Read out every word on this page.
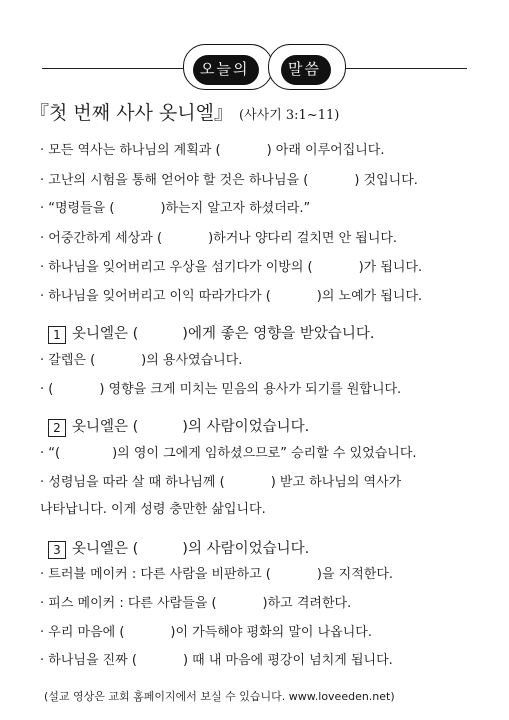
오늘의	말씀
『첫 번째 사사 옷니엘』 (사사기 3:1~11)
· 모든 역사는 하나님의 계획과 (	) 아래 이루어집니다.
· 고난의 시험을 통해 얻어야 할 것은 하나님을 (	) 것입니다.
· “명령들을 (	)하는지 알고자 하셨더라.”
· 어중간하게 세상과 (	)하거나 양다리 걸치면 안 됩니다.
· 하나님을 잊어버리고 우상을 섬기다가 이방의 (	)가 됩니다.
· 하나님을 잊어버리고 이익 따라가다가 (	)의 노예가 됩니다.
1 옷니엘은 (	)에게 좋은 영향을 받았습니다.
· 갈렙은 (	)의 용사였습니다.
· (	) 영향을 크게 미치는 믿음의 용사가 되기를 원합니다.
2 옷니엘은 (	)의 사람이었습니다.
· “(	)의 영이 그에게 임하셨으므로” 승리할 수 있었습니다.
· 성령님을 따라 살 때 하나님께 (	) 받고 하나님의 역사가
나타납니다. 이게 성령 충만한 삶입니다.
3 옷니엘은 (	)의 사람이었습니다.
· 트러블 메이커 : 다른 사람을 비판하고 (	)을 지적한다.
· 피스 메이커 : 다른 사람들을 (	)하고 격려한다.
· 우리 마음에 (	)이 가득해야 평화의 말이 나옵니다.
· 하나님을 진짜 (	) 때 내 마음에 평강이 넘치게 됩니다.
(설교 영상은 교회 홈페이지에서 보실 수 있습니다. www.loveeden.net)
